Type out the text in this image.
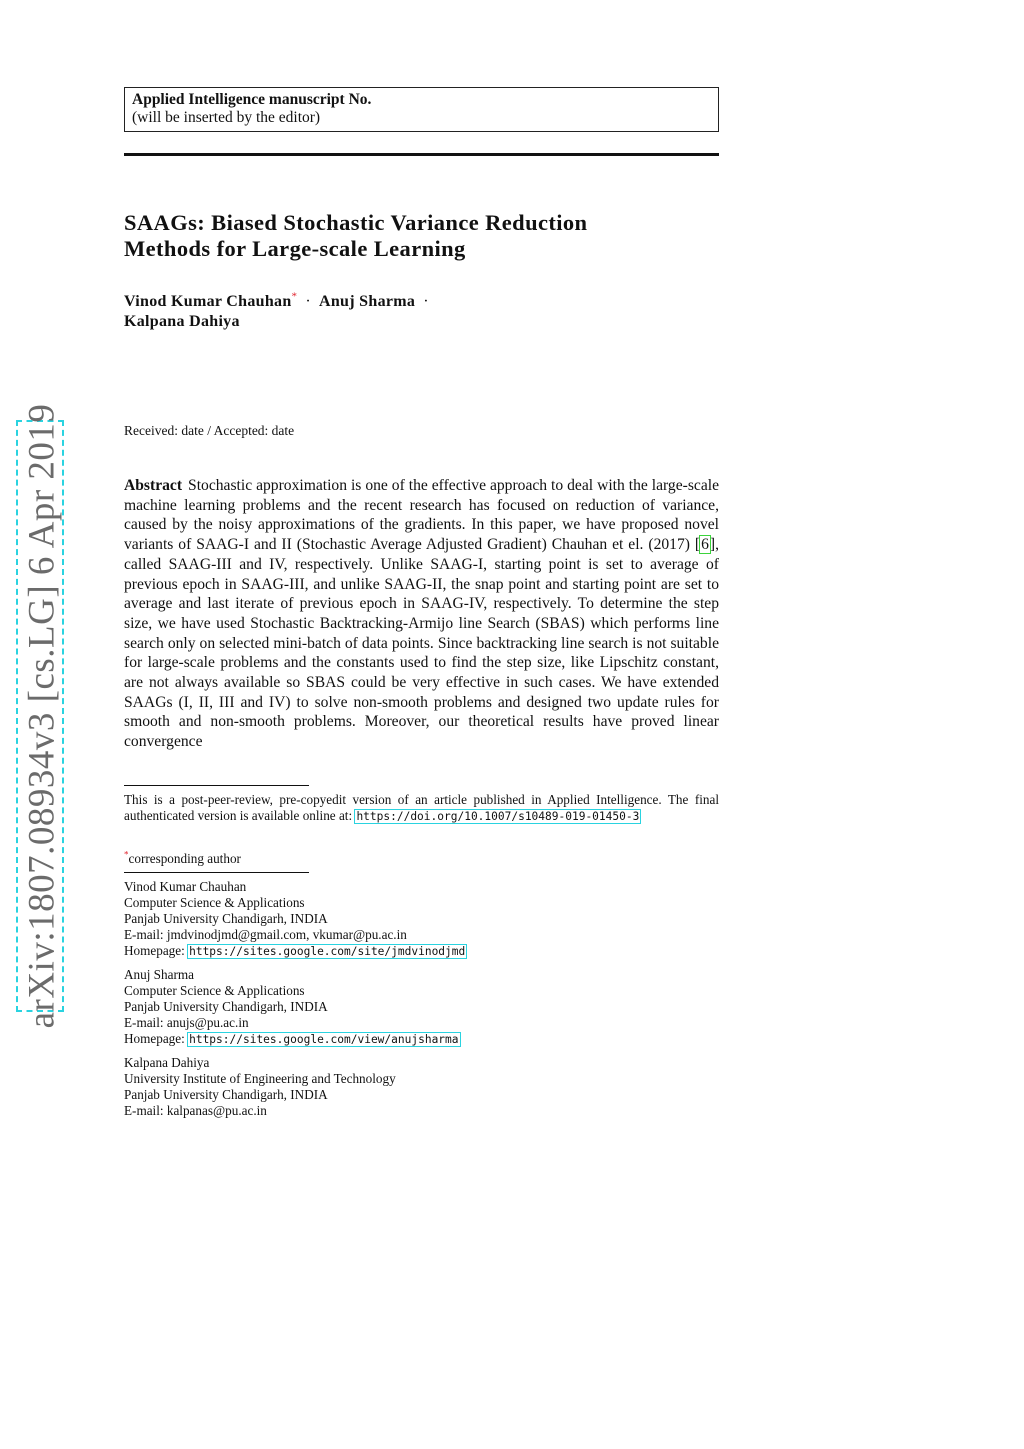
arXiv:1807.08934v3 [cs.LG] 6 Apr 2019
Applied Intelligence manuscript No.
(will be inserted by the editor)
SAAGs: Biased Stochastic Variance Reduction
Methods for Large-scale Learning
Vinod Kumar Chauhan* · Anuj Sharma ·
Kalpana Dahiya
Received: date / Accepted: date

Abstract Stochastic approximation is one of the effective approach to deal with the large-scale machine learning problems and the recent research has focused on reduction of variance, caused by the noisy approximations of the gradients. In this paper, we have proposed novel variants of SAAG-I and II (Stochastic Average Adjusted Gradient) Chauhan et el. (2017) [6], called SAAG-III and IV, respectively. Unlike SAAG-I, starting point is set to average of previous epoch in SAAG-III, and unlike SAAG-II, the snap point and starting point are set to average and last iterate of previous epoch in SAAG-IV, respectively. To determine the step size, we have used Stochastic Backtracking-Armijo line Search (SBAS) which performs line search only on selected mini-batch of data points. Since backtracking line search is not suitable for large-scale problems and the constants used to find the step size, like Lipschitz constant, are not always available so SBAS could be very effective in such cases. We have extended SAAGs (I, II, III and IV) to solve non-smooth problems and designed two update rules for smooth and non-smooth problems. Moreover, our theoretical results have proved linear convergence

This is a post-peer-review, pre-copyedit version of an article published in Applied Intelligence. The final authenticated version is available online at: https://doi.org/10.1007/s10489-019-01450-3
*corresponding author
Vinod Kumar Chauhan
Computer Science & Applications
Panjab University Chandigarh, INDIA
E-mail: jmdvinodjmd@gmail.com, vkumar@pu.ac.in
Homepage: https://sites.google.com/site/jmdvinodjmd
Anuj Sharma
Computer Science & Applications
Panjab University Chandigarh, INDIA
E-mail: anujs@pu.ac.in
Homepage: https://sites.google.com/view/anujsharma
Kalpana Dahiya
University Institute of Engineering and Technology
Panjab University Chandigarh, INDIA
E-mail: kalpanas@pu.ac.in
